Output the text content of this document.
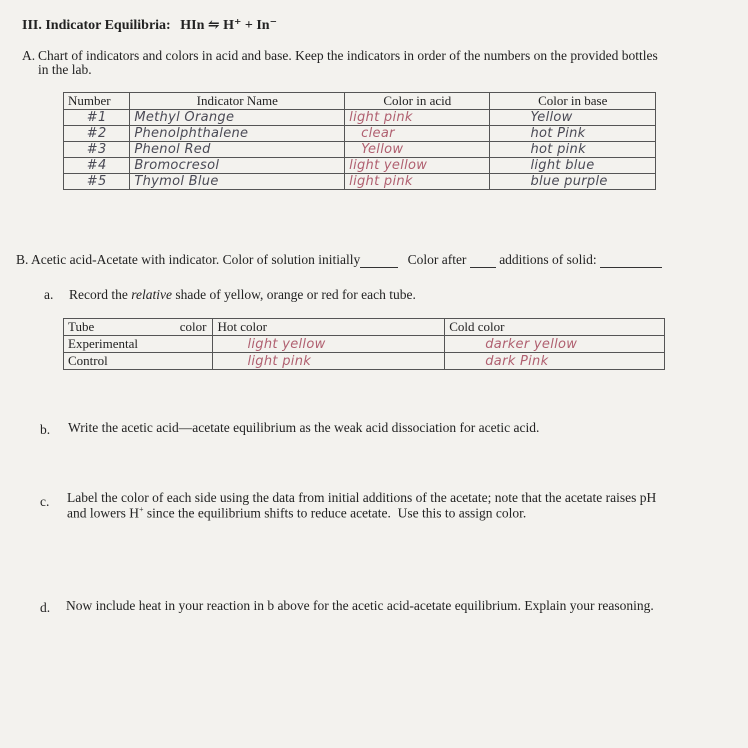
III. Indicator Equilibria: HIn ⇋ H⁺ + In⁻
A. Chart of indicators and colors in acid and base. Keep the indicators in order of the numbers on the provided bottles
in the lab.
Number	Indicator Name	Color in acid	Color in base
#1	Methyl Orange	light pink	Yellow
#2	Phenolphthalene	clear	hot Pink
#3	Phenol Red	Yellow	hot pink
#4	Bromocresol	light yellow	light blue
#5	Thymol Blue	light pink	blue purple
B. Acetic acid-Acetate with indicator. Color of solution initially	Color after additions of solid:
a. Record the relative shade of yellow, orange or red for each tube.
Tube color	Hot color	Cold color
Experimental	light yellow	darker yellow
Control	light pink	dark Pink
b. Write the acetic acid—acetate equilibrium as the weak acid dissociation for acetic acid.
c. Label the color of each side using the data from initial additions of the acetate; note that the acetate raises pH
and lowers H+ since the equilibrium shifts to reduce acetate.  Use this to assign color.
d. Now include heat in your reaction in b above for the acetic acid-acetate equilibrium. Explain your reasoning.
